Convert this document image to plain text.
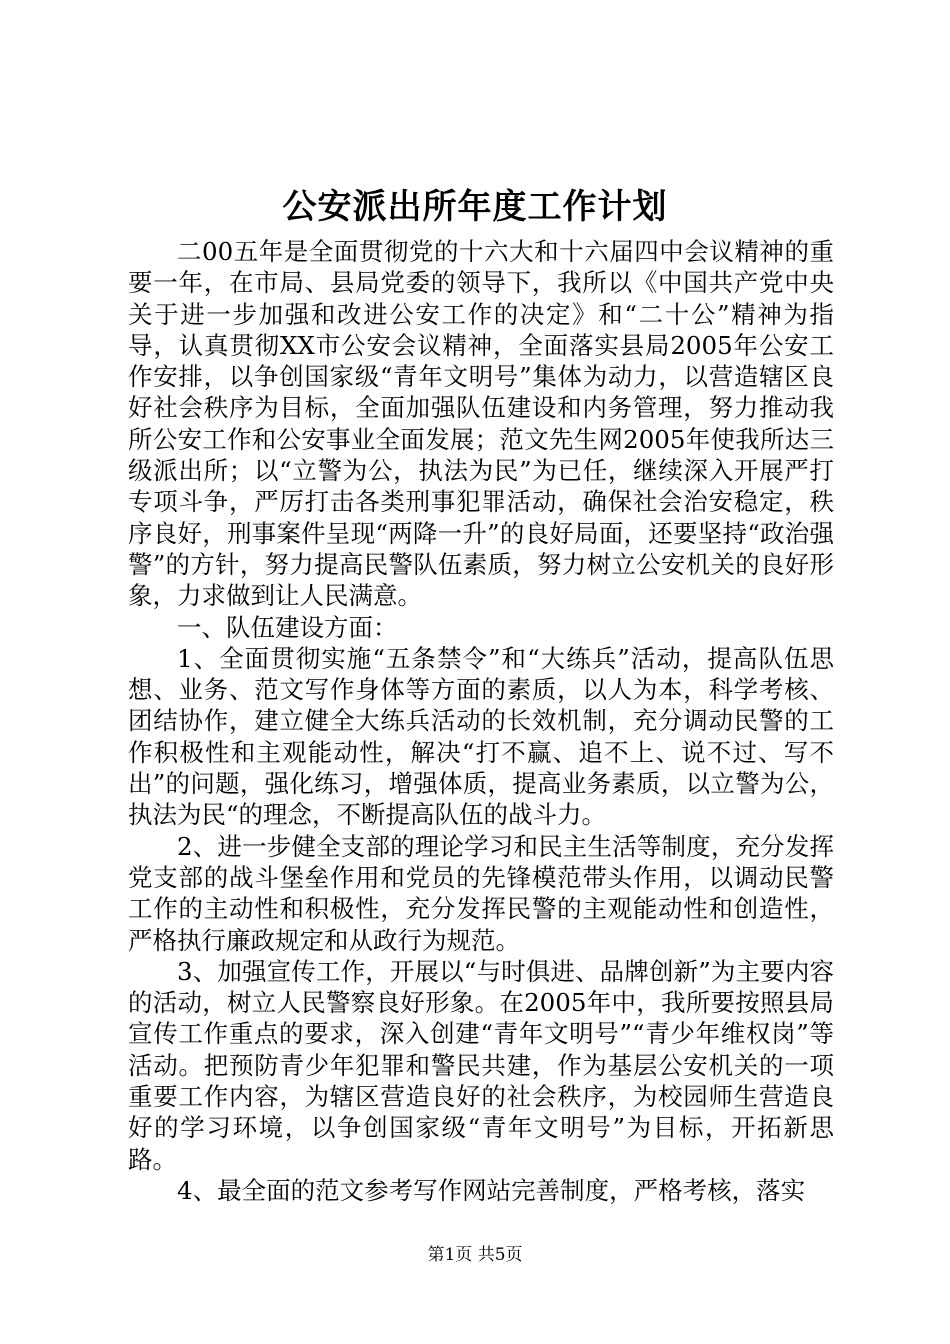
公安派出所年度工作计划

二00五年是全面贯彻党的十六大和十六届四中会议精神的重要一年，在市局、县局党委的领导下，我所以《中国共产党中央关于进一步加强和改进公安工作的决定》和“二十公”精神为指导，认真贯彻XX市公安会议精神，全面落实县局2005年公安工作安排，以争创国家级“青年文明号”集体为动力，以营造辖区良好社会秩序为目标，全面加强队伍建设和内务管理，努力推动我所公安工作和公安事业全面发展；范文先生网2005年使我所达三级派出所；以“立警为公，执法为民”为已任，继续深入开展严打专项斗争，严厉打击各类刑事犯罪活动，确保社会治安稳定，秩序良好，刑事案件呈现“两降一升”的良好局面，还要坚持“政治强警”的方针，努力提高民警队伍素质，努力树立公安机关的良好形象，力求做到让人民满意。

一、队伍建设方面：

1、全面贯彻实施“五条禁令”和“大练兵”活动，提高队伍思想、业务、范文写作身体等方面的素质，以人为本，科学考核、团结协作，建立健全大练兵活动的长效机制，充分调动民警的工作积极性和主观能动性，解决“打不赢、追不上、说不过、写不出”的问题，强化练习，增强体质，提高业务素质，以立警为公，执法为民“的理念，不断提高队伍的战斗力。

2、进一步健全支部的理论学习和民主生活等制度，充分发挥党支部的战斗堡垒作用和党员的先锋模范带头作用，以调动民警工作的主动性和积极性，充分发挥民警的主观能动性和创造性，严格执行廉政规定和从政行为规范。

3、加强宣传工作，开展以“与时俱进、品牌创新”为主要内容的活动，树立人民警察良好形象。在2005年中，我所要按照县局宣传工作重点的要求，深入创建“青年文明号”“青少年维权岗”等活动。把预防青少年犯罪和警民共建，作为基层公安机关的一项重要工作内容，为辖区营造良好的社会秩序，为校园师生营造良好的学习环境，以争创国家级“青年文明号”为目标，开拓新思路。

4、最全面的范文参考写作网站完善制度，严格考核，落实

第1页 共5页
